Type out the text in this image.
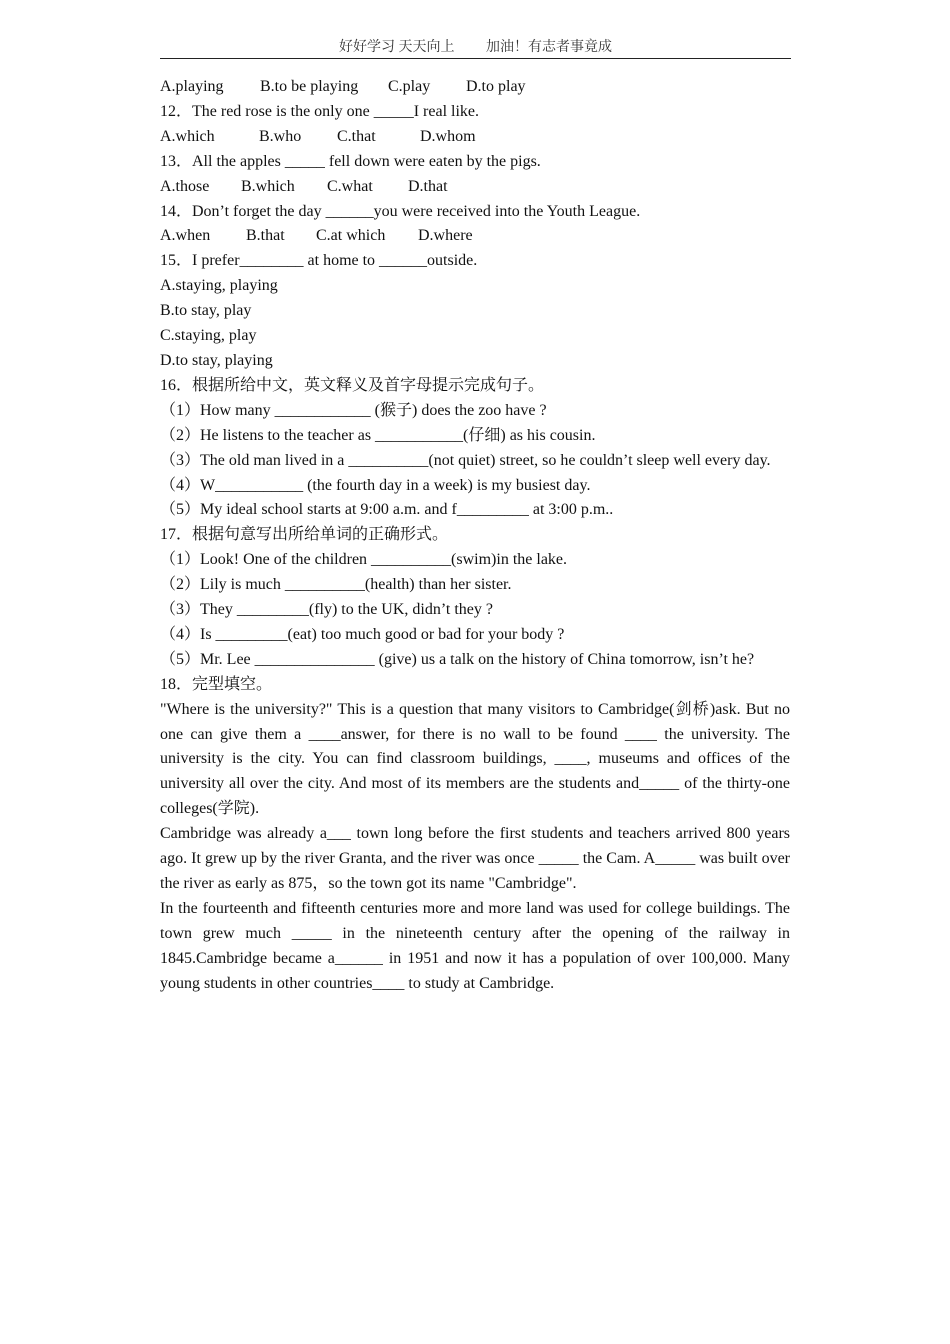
好好学习 天天向上 加油！有志者事竟成

A.playing B.to be playing C.play D.to play

12．The red rose is the only one _____I real like.

A.which	B.who C.that	D.whom

13．All the apples _____ fell down were eaten by the pigs.

A.those B.which C.what D.that

14．Don’t forget the day ______you were received into the Youth League.

A.when B.that C.at which D.where

15．I prefer________ at home to ______outside.

A.staying, playing

B.to stay, play

C.staying, play

D.to stay, playing

16．根据所给中文，英文释义及首字母提示完成句子。

（1）How many ____________ (猴子) does the zoo have ?

（2）He listens to the teacher as ___________(仔细) as his cousin.

（3）The old man lived in a __________(not quiet) street, so he couldn’t sleep well every day.

（4）W___________ (the fourth day in a week) is my busiest day.

（5）My ideal school starts at 9:00 a.m. and f_________ at 3:00 p.m..

17．根据句意写出所给单词的正确形式。

（1）Look! One of the children __________(swim)in the lake.

（2）Lily is much __________(health) than her sister.

（3）They _________(fly) to the UK, didn’t they ?

（4）Is _________(eat) too much good or bad for your body ?

（5）Mr. Lee _______________ (give) us a talk on the history of China tomorrow, isn’t he?

18．完型填空。

"Where is the university?" This is a question that many visitors to Cambridge(剑桥)ask. But no one can give them a ____answer, for there is no wall to be found ____ the university. The university is the city. You can find classroom buildings, ____, museums and offices of the university all over the city. And most of its members are the students and_____ of the thirty-one colleges(学院).

Cambridge was already a___ town long before the first students and teachers arrived 800 years ago. It grew up by the river Granta, and the river was once _____ the Cam. A_____ was built over the river as early as 875，so the town got its name "Cambridge".

In the fourteenth and fifteenth centuries more and more land was used for college buildings. The town grew much _____ in the nineteenth century after the opening of the railway in 1845.Cambridge became a______ in 1951 and now it has a population of over 100,000. Many young students in other countries____ to study at Cambridge.
